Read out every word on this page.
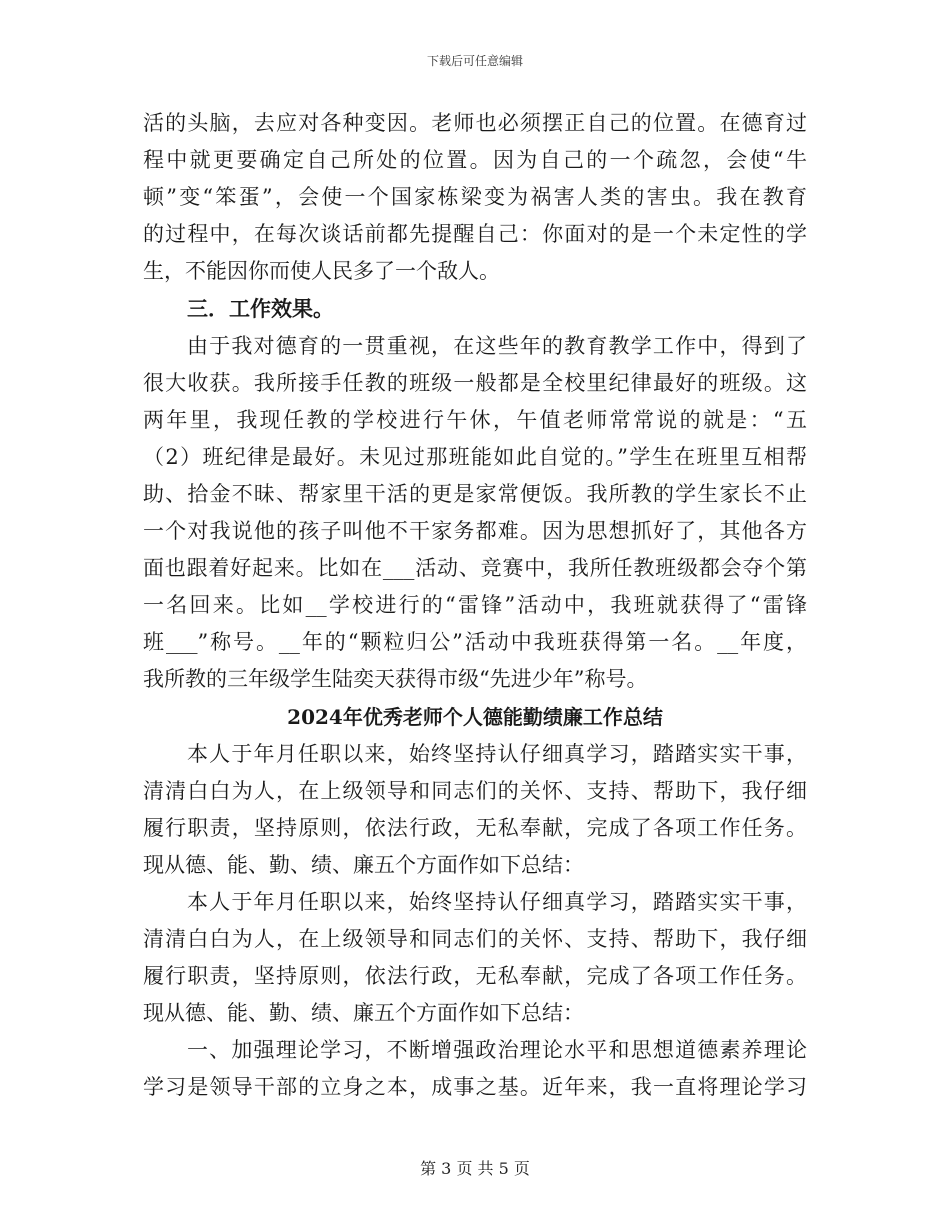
下载后可任意编辑
活的头脑，去应对各种变因。老师也必须摆正自己的位置。在德育过
程中就更要确定自己所处的位置。因为自己的一个疏忽，会使“牛
顿”变“笨蛋”，会使一个国家栋梁变为祸害人类的害虫。我在教育
的过程中，在每次谈话前都先提醒自己：你面对的是一个未定性的学
生，不能因你而使人民多了一个敌人。
三．工作效果。
由于我对德育的一贯重视，在这些年的教育教学工作中，得到了
很大收获。我所接手任教的班级一般都是全校里纪律最好的班级。这
两年里，我现任教的学校进行午休，午值老师常常说的就是：“五
（2）班纪律是最好。未见过那班能如此自觉的。”学生在班里互相帮
助、拾金不昧、帮家里干活的更是家常便饭。我所教的学生家长不止
一个对我说他的孩子叫他不干家务都难。因为思想抓好了，其他各方
面也跟着好起来。比如在___活动、竞赛中，我所任教班级都会夺个第
一名回来。比如__学校进行的“雷锋”活动中，我班就获得了“雷锋
班___”称号。__年的“颗粒归公”活动中我班获得第一名。__年度，
我所教的三年级学生陆奕天获得市级“先进少年”称号。
2024年优秀老师个人德能勤绩廉工作总结
本人于年月任职以来，始终坚持认仔细真学习，踏踏实实干事，
清清白白为人，在上级领导和同志们的关怀、支持、帮助下，我仔细
履行职责，坚持原则，依法行政，无私奉献，完成了各项工作任务。
现从德、能、勤、绩、廉五个方面作如下总结：
本人于年月任职以来，始终坚持认仔细真学习，踏踏实实干事，
清清白白为人，在上级领导和同志们的关怀、支持、帮助下，我仔细
履行职责，坚持原则，依法行政，无私奉献，完成了各项工作任务。
现从德、能、勤、绩、廉五个方面作如下总结：
一、加强理论学习，不断增强政治理论水平和思想道德素养理论
学习是领导干部的立身之本，成事之基。近年来，我一直将理论学习
第 3 页 共 5 页
